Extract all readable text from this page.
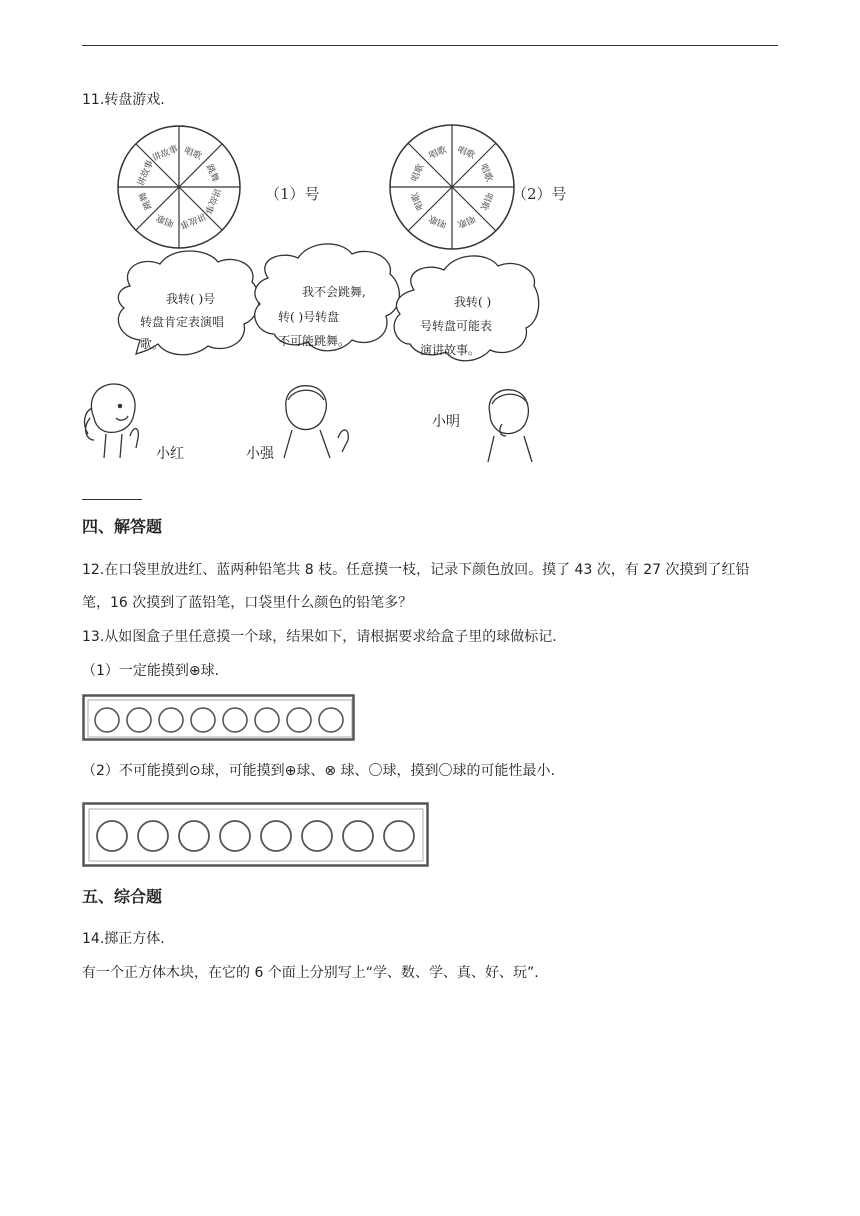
11.转盘游戏.
唱歌
跳舞
讲故事
讲故事
唱歌
跳舞
讲故事
讲故事
（1）号
唱歌
唱歌
唱歌
唱歌
唱歌
唱歌
唱歌
唱歌
（2）号
我转( )号
转盘肯定表演唱
歌。
我不会跳舞,
转( )号转盘
不可能跳舞。
我转( )
号转盘可能表
演讲故事。
小红	小强
小明
四、解答题
12.在口袋里放进红、蓝两种铅笔共 8 枝。任意摸一枝，记录下颜色放回。摸了 43 次，有 27 次摸到了红铅
笔，16 次摸到了蓝铅笔，口袋里什么颜色的铅笔多？
13.从如图盒子里任意摸一个球，结果如下，请根据要求给盒子里的球做标记.
（1）一定能摸到⊕球.
（2）不可能摸到⊙球，可能摸到⊕球、⊗ 球、〇球，摸到〇球的可能性最小.
五、综合题
14.掷正方体.
有一个正方体木块，在它的 6 个面上分别写上“学、数、学、真、好、玩”.
